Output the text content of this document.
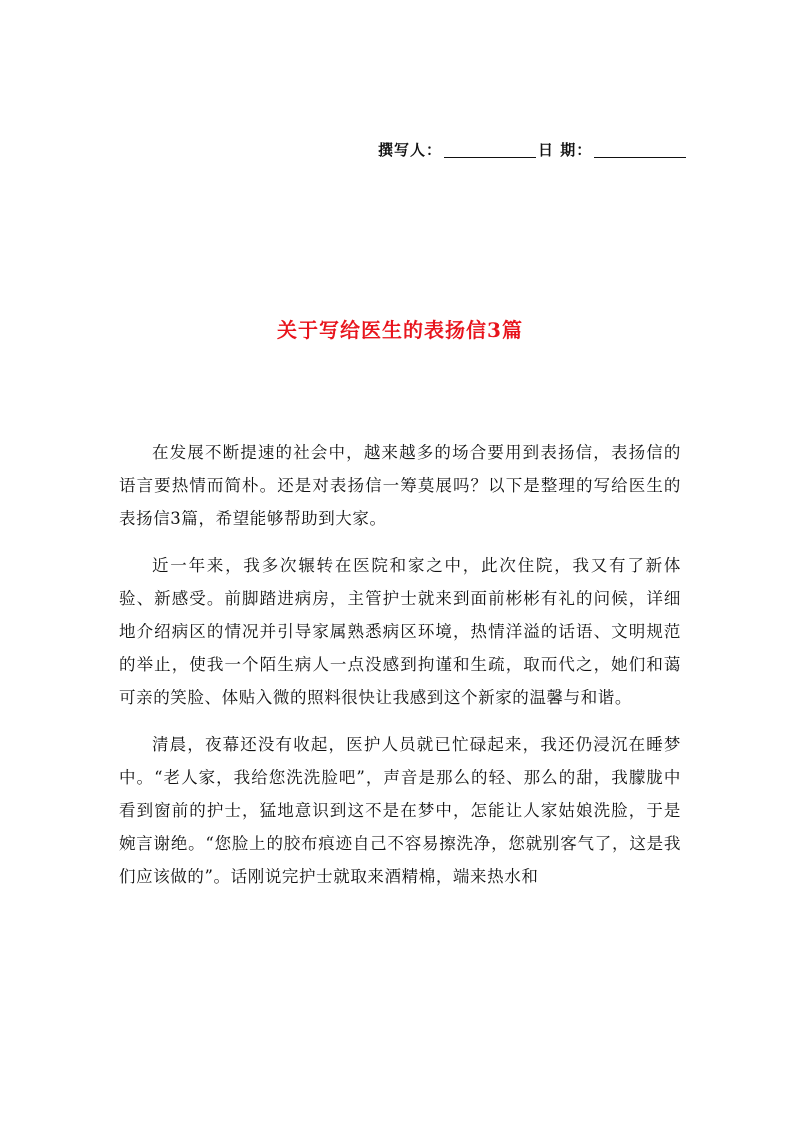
撰写人：	日 期：
关于写给医生的表扬信3篇

在发展不断提速的社会中，越来越多的场合要用到表扬信，表扬信的语言要热情而简朴。还是对表扬信一筹莫展吗？以下是整理的写给医生的表扬信3篇，希望能够帮助到大家。

近一年来，我多次辗转在医院和家之中，此次住院，我又有了新体验、新感受。前脚踏进病房，主管护士就来到面前彬彬有礼的问候，详细地介绍病区的情况并引导家属熟悉病区环境，热情洋溢的话语、文明规范的举止，使我一个陌生病人一点没感到拘谨和生疏，取而代之，她们和蔼可亲的笑脸、体贴入微的照料很快让我感到这个新家的温馨与和谐。

清晨，夜幕还没有收起，医护人员就已忙碌起来，我还仍浸沉在睡梦中。“老人家，我给您洗洗脸吧”，声音是那么的轻、那么的甜，我朦胧中看到窗前的护士，猛地意识到这不是在梦中，怎能让人家姑娘洗脸，于是婉言谢绝。“您脸上的胶布痕迹自己不容易擦洗净，您就别客气了，这是我们应该做的”。话刚说完护士就取来酒精棉，端来热水和
